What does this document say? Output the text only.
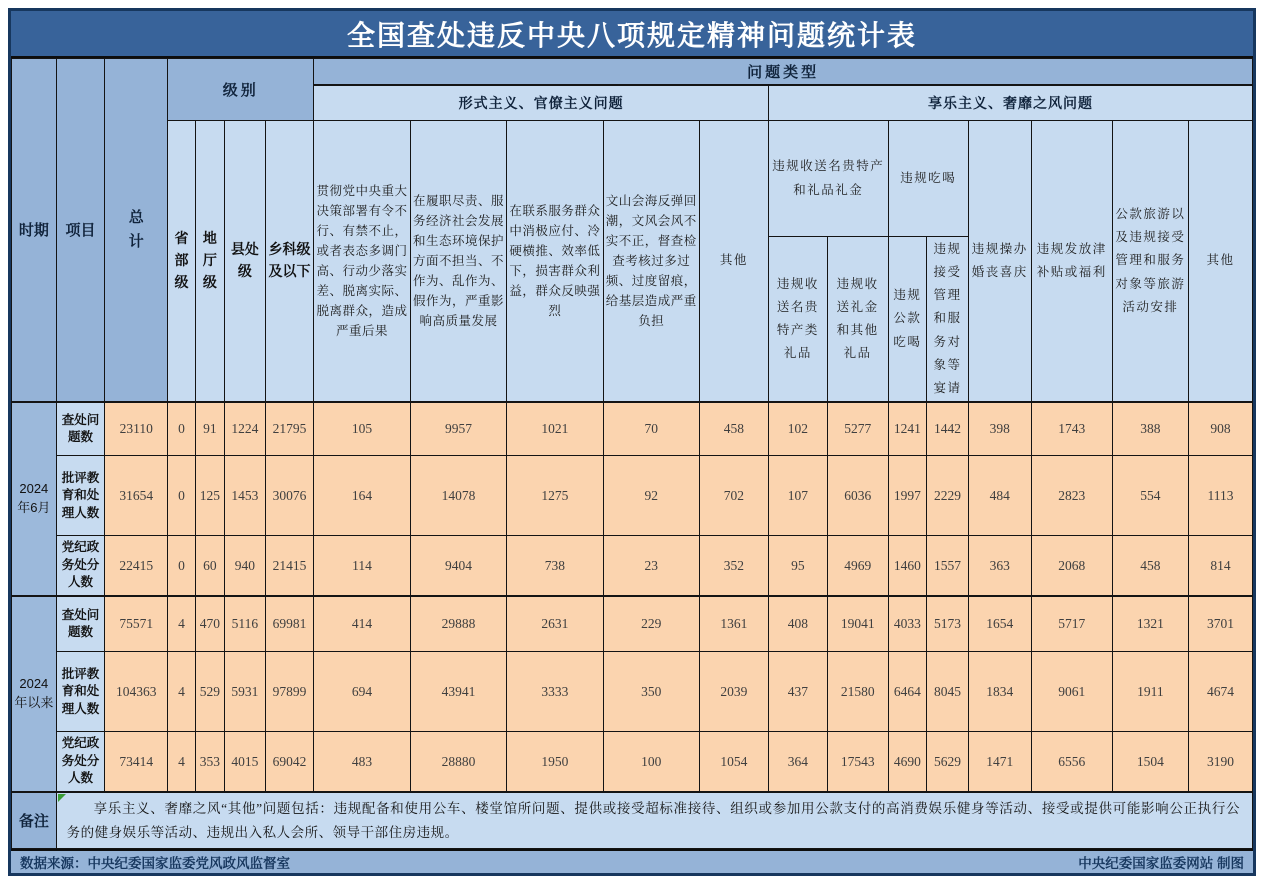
全国查处违反中央八项规定精神问题统计表
时期	项目	总计	级别				问题类型												
							形式主义、官僚主义问题					享乐主义、奢靡之风问题							
			省部级	地厅级	县处级	乡科级及以下	贯彻党中央重大决策部署有令不行、有禁不止，或者表态多调门高、行动少落实差、脱离实际、脱离群众，造成严重后果	在履职尽责、服务经济社会发展和生态环境保护方面不担当、不作为、乱作为、假作为，严重影响高质量发展	在联系服务群众中消极应付、冷硬横推、效率低下，损害群众利益，群众反映强烈	文山会海反弹回潮，文风会风不实不正，督查检查考核过多过频、过度留痕，给基层造成严重负担	其他	违规收送名贵特产和礼品礼金		违规吃喝		违规操办婚丧喜庆	违规发放津补贴或福利	公款旅游以及违规接受管理和服务对象等旅游活动安排	其他
												违规收送名贵特产类礼品	违规收送礼金和其他礼品	违规公款吃喝	违规接受管理和服务对象等宴请				
2024年6月	查处问题数	23110	0	91	1224	21795	105	9957	1021	70	458	102	5277	1241	1442	398	1743	388	908
	批评教育和处理人数	31654	0	125	1453	30076	164	14078	1275	92	702	107	6036	1997	2229	484	2823	554	1113
	党纪政务处分人数	22415	0	60	940	21415	114	9404	738	23	352	95	4969	1460	1557	363	2068	458	814
2024年以来	查处问题数	75571	4	470	5116	69981	414	29888	2631	229	1361	408	19041	4033	5173	1654	5717	1321	3701
	批评教育和处理人数	104363	4	529	5931	97899	694	43941	3333	350	2039	437	21580	6464	8045	1834	9061	1911	4674
	党纪政务处分人数	73414	4	353	4015	69042	483	28880	1950	100	1054	364	17543	4690	5629	1471	6556	1504	3190
备注	享乐主义、奢靡之风“其他”问题包括：违规配备和使用公车、楼堂馆所问题、提供或接受超标准接待、组织或参加用公款支付的高消费娱乐健身等活动、接受或提供可能影响公正执行公务的健身娱乐等活动、违规出入私人会所、领导干部住房违规。																		
数据来源：中央纪委国家监委党风政风监督室	中央纪委国家监委网站 制图
